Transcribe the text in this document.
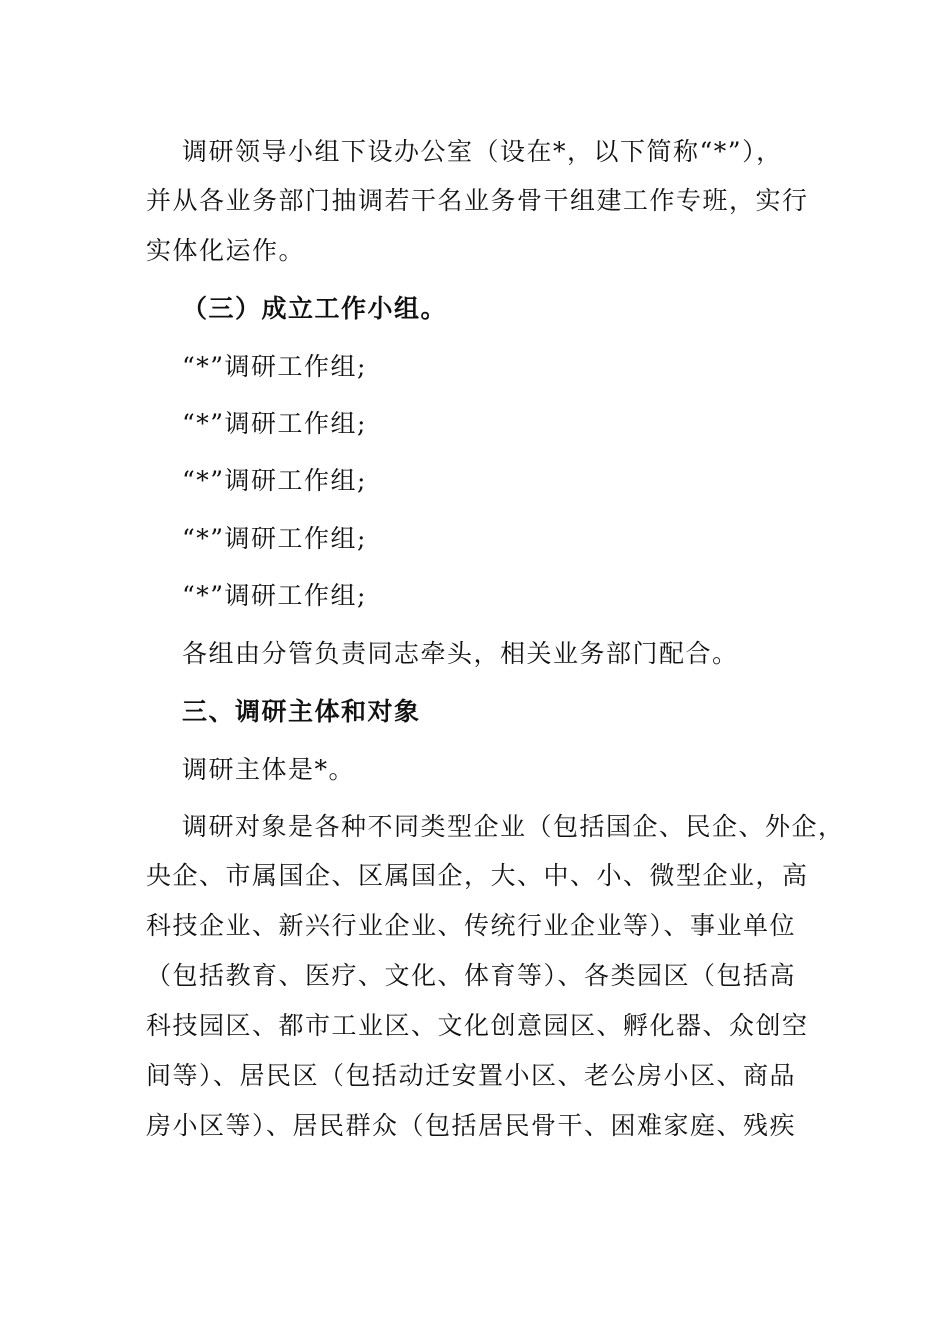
调研领导小组下设办公室（设在*，以下简称“*”），
并从各业务部门抽调若干名业务骨干组建工作专班，实行
实体化运作。
（三）成立工作小组。
“*”调研工作组;
“*”调研工作组;
“*”调研工作组;
“*”调研工作组;
“*”调研工作组;
各组由分管负责同志牵头，相关业务部门配合。
三、调研主体和对象
调研主体是*。
调研对象是各种不同类型企业（包括国企、民企、外企，
央企、市属国企、区属国企，大、中、小、微型企业，高
科技企业、新兴行业企业、传统行业企业等）、事业单位
（包括教育、医疗、文化、体育等）、各类园区（包括高
科技园区、都市工业区、文化创意园区、孵化器、众创空
间等）、居民区（包括动迁安置小区、老公房小区、商品
房小区等）、居民群众（包括居民骨干、困难家庭、残疾
